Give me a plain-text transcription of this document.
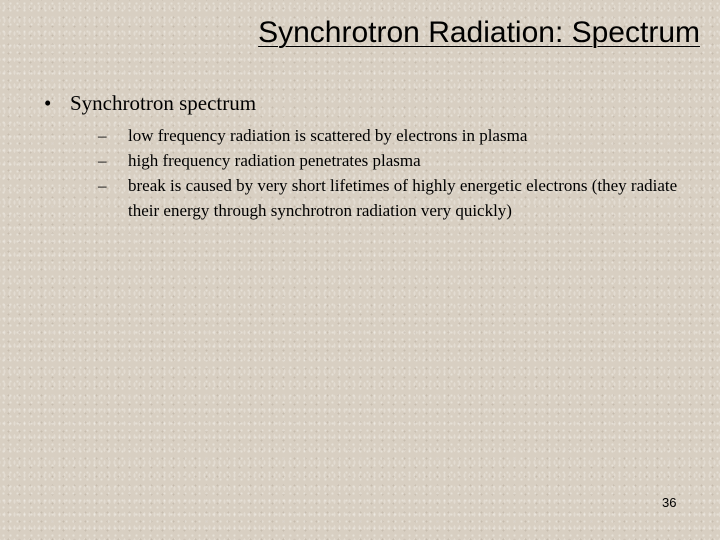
Synchrotron Radiation: Spectrum
• Synchrotron spectrum
–	low frequency radiation is scattered by electrons in plasma
–	high frequency radiation penetrates plasma
–	break is caused by very short lifetimes of highly energetic electrons (they radiate their energy through synchrotron radiation very quickly)
36
